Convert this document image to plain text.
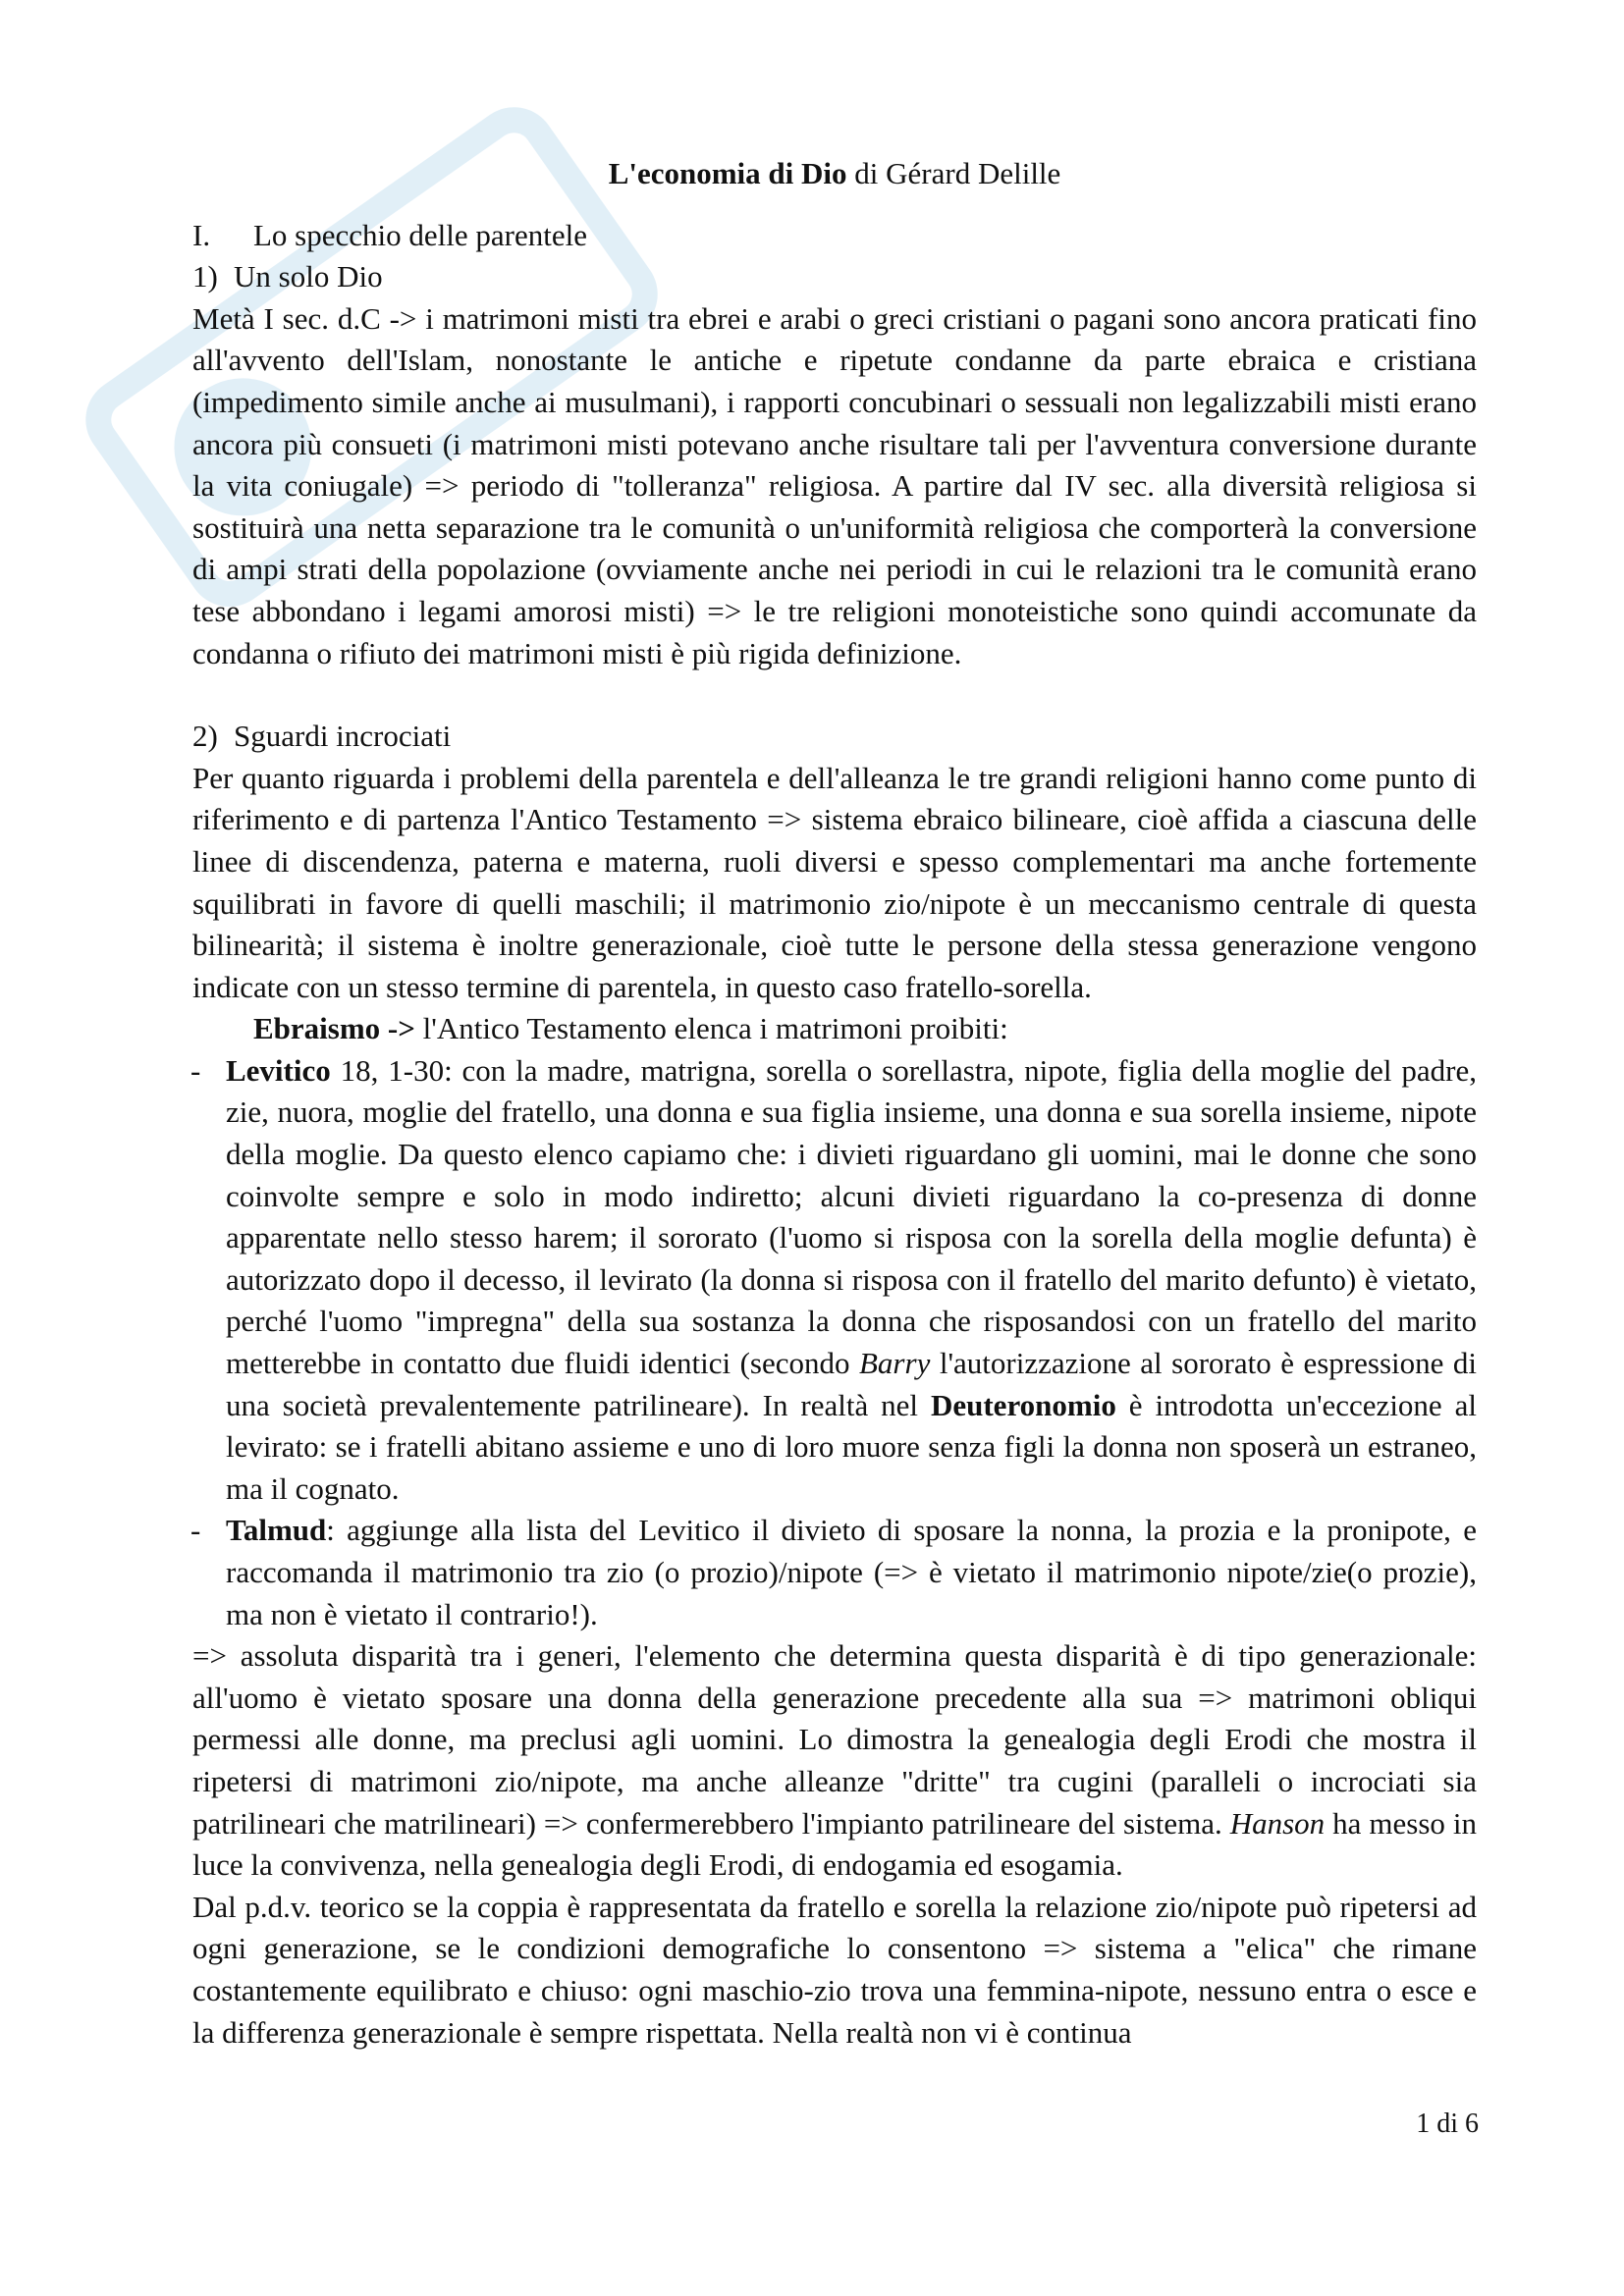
L'economia di Dio di Gérard Delille
I. Lo specchio delle parentele
1) Un solo Dio

Metà I sec. d.C -> i matrimoni misti tra ebrei e arabi o greci cristiani o pagani sono ancora praticati fino all'avvento dell'Islam, nonostante le antiche e ripetute condanne da parte ebraica e cristiana (impedimento simile anche ai musulmani), i rapporti concubinari o sessuali non legalizzabili misti erano ancora più consueti (i matrimoni misti potevano anche risultare tali per l'avventura conversione durante la vita coniugale) => periodo di "tolleranza" religiosa. A partire dal IV sec. alla diversità religiosa si sostituirà una netta separazione tra le comunità o un'uniformità religiosa che comporterà la conversione di ampi strati della popolazione (ovviamente anche nei periodi in cui le relazioni tra le comunità erano tese abbondano i legami amorosi misti) => le tre religioni monoteistiche sono quindi accomunate da condanna o rifiuto dei matrimoni misti è più rigida definizione.

2) Sguardi incrociati

Per quanto riguarda i problemi della parentela e dell'alleanza le tre grandi religioni hanno come punto di riferimento e di partenza l'Antico Testamento => sistema ebraico bilineare, cioè affida a ciascuna delle linee di discendenza, paterna e materna, ruoli diversi e spesso complementari ma anche fortemente squilibrati in favore di quelli maschili; il matrimonio zio/nipote è un meccanismo centrale di questa bilinearità; il sistema è inoltre generazionale, cioè tutte le persone della stessa generazione vengono indicate con un stesso termine di parentela, in questo caso fratello-sorella.

Ebraismo -> l'Antico Testamento elenca i matrimoni proibiti:

- Levitico 18, 1-30: con la madre, matrigna, sorella o sorellastra, nipote, figlia della moglie del padre, zie, nuora, moglie del fratello, una donna e sua figlia insieme, una donna e sua sorella insieme, nipote della moglie. Da questo elenco capiamo che: i divieti riguardano gli uomini, mai le donne che sono coinvolte sempre e solo in modo indiretto; alcuni divieti riguardano la co-presenza di donne apparentate nello stesso harem; il sororato (l'uomo si risposa con la sorella della moglie defunta) è autorizzato dopo il decesso, il levirato (la donna si risposa con il fratello del marito defunto) è vietato, perché l'uomo "impregna" della sua sostanza la donna che risposandosi con un fratello del marito metterebbe in contatto due fluidi identici (secondo Barry l'autorizzazione al sororato è espressione di una società prevalentemente patrilineare). In realtà nel Deuteronomio è introdotta un'eccezione al levirato: se i fratelli abitano assieme e uno di loro muore senza figli la donna non sposerà un estraneo, ma il cognato.
- Talmud: aggiunge alla lista del Levitico il divieto di sposare la nonna, la prozia e la pronipote, e raccomanda il matrimonio tra zio (o prozio)/nipote (=> è vietato il matrimonio nipote/zie(o prozie), ma non è vietato il contrario!).

=> assoluta disparità tra i generi, l'elemento che determina questa disparità è di tipo generazionale: all'uomo è vietato sposare una donna della generazione precedente alla sua => matrimoni obliqui permessi alle donne, ma preclusi agli uomini. Lo dimostra la genealogia degli Erodi che mostra il ripetersi di matrimoni zio/nipote, ma anche alleanze "dritte" tra cugini (paralleli o incrociati sia patrilineari che matrilineari) => confermerebbero l'impianto patrilineare del sistema. Hanson ha messo in luce la convivenza, nella genealogia degli Erodi, di endogamia ed esogamia.

Dal p.d.v. teorico se la coppia è rappresentata da fratello e sorella la relazione zio/nipote può ripetersi ad ogni generazione, se le condizioni demografiche lo consentono => sistema a "elica" che rimane costantemente equilibrato e chiuso: ogni maschio-zio trova una femmina-nipote, nessuno entra o esce e la differenza generazionale è sempre rispettata. Nella realtà non vi è continua

1 di 6
